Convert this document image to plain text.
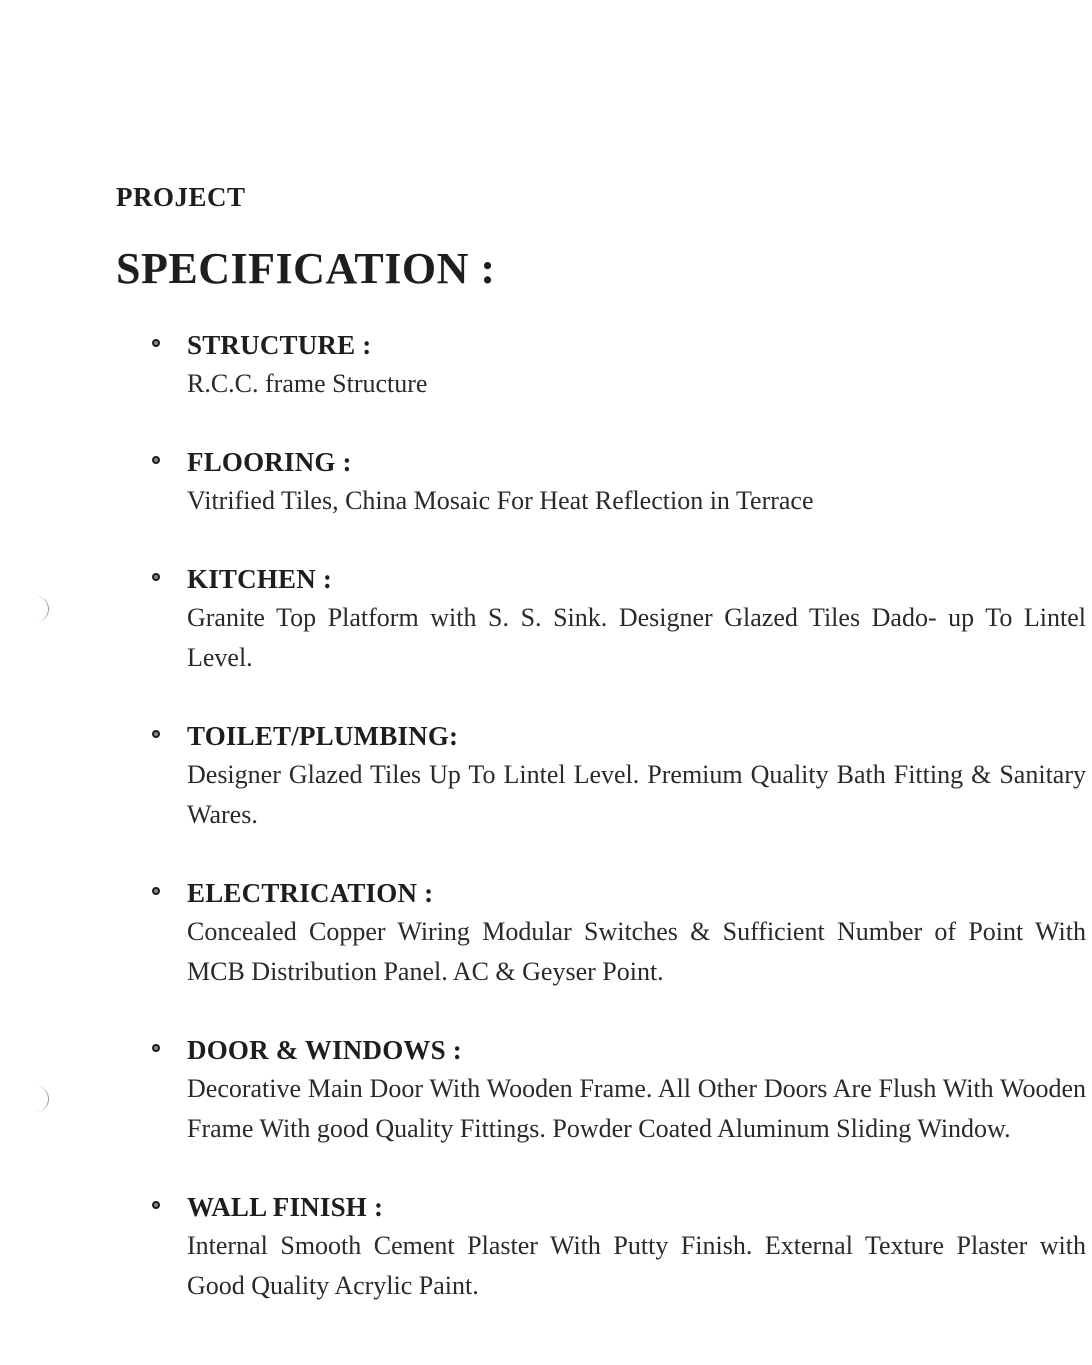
PROJECT
SPECIFICATION :
STRUCTURE :
R.C.C. frame Structure
FLOORING :
Vitrified Tiles, China Mosaic For Heat Reflection in Terrace
KITCHEN :
Granite Top Platform with S. S. Sink. Designer Glazed Tiles Dado- up To Lintel Level.
TOILET/PLUMBING:
Designer Glazed Tiles Up To Lintel Level. Premium Quality Bath Fitting & Sanitary Wares.
ELECTRICATION :
Concealed Copper Wiring Modular Switches & Sufficient Number of Point With MCB Distribution Panel. AC & Geyser Point.
DOOR & WINDOWS :
Decorative Main Door With Wooden Frame. All Other Doors Are Flush With Wooden Frame With good Quality Fittings. Powder Coated Aluminum Sliding Window.
WALL FINISH :
Internal Smooth Cement Plaster With Putty Finish. External Texture Plaster with Good Quality Acrylic Paint.
